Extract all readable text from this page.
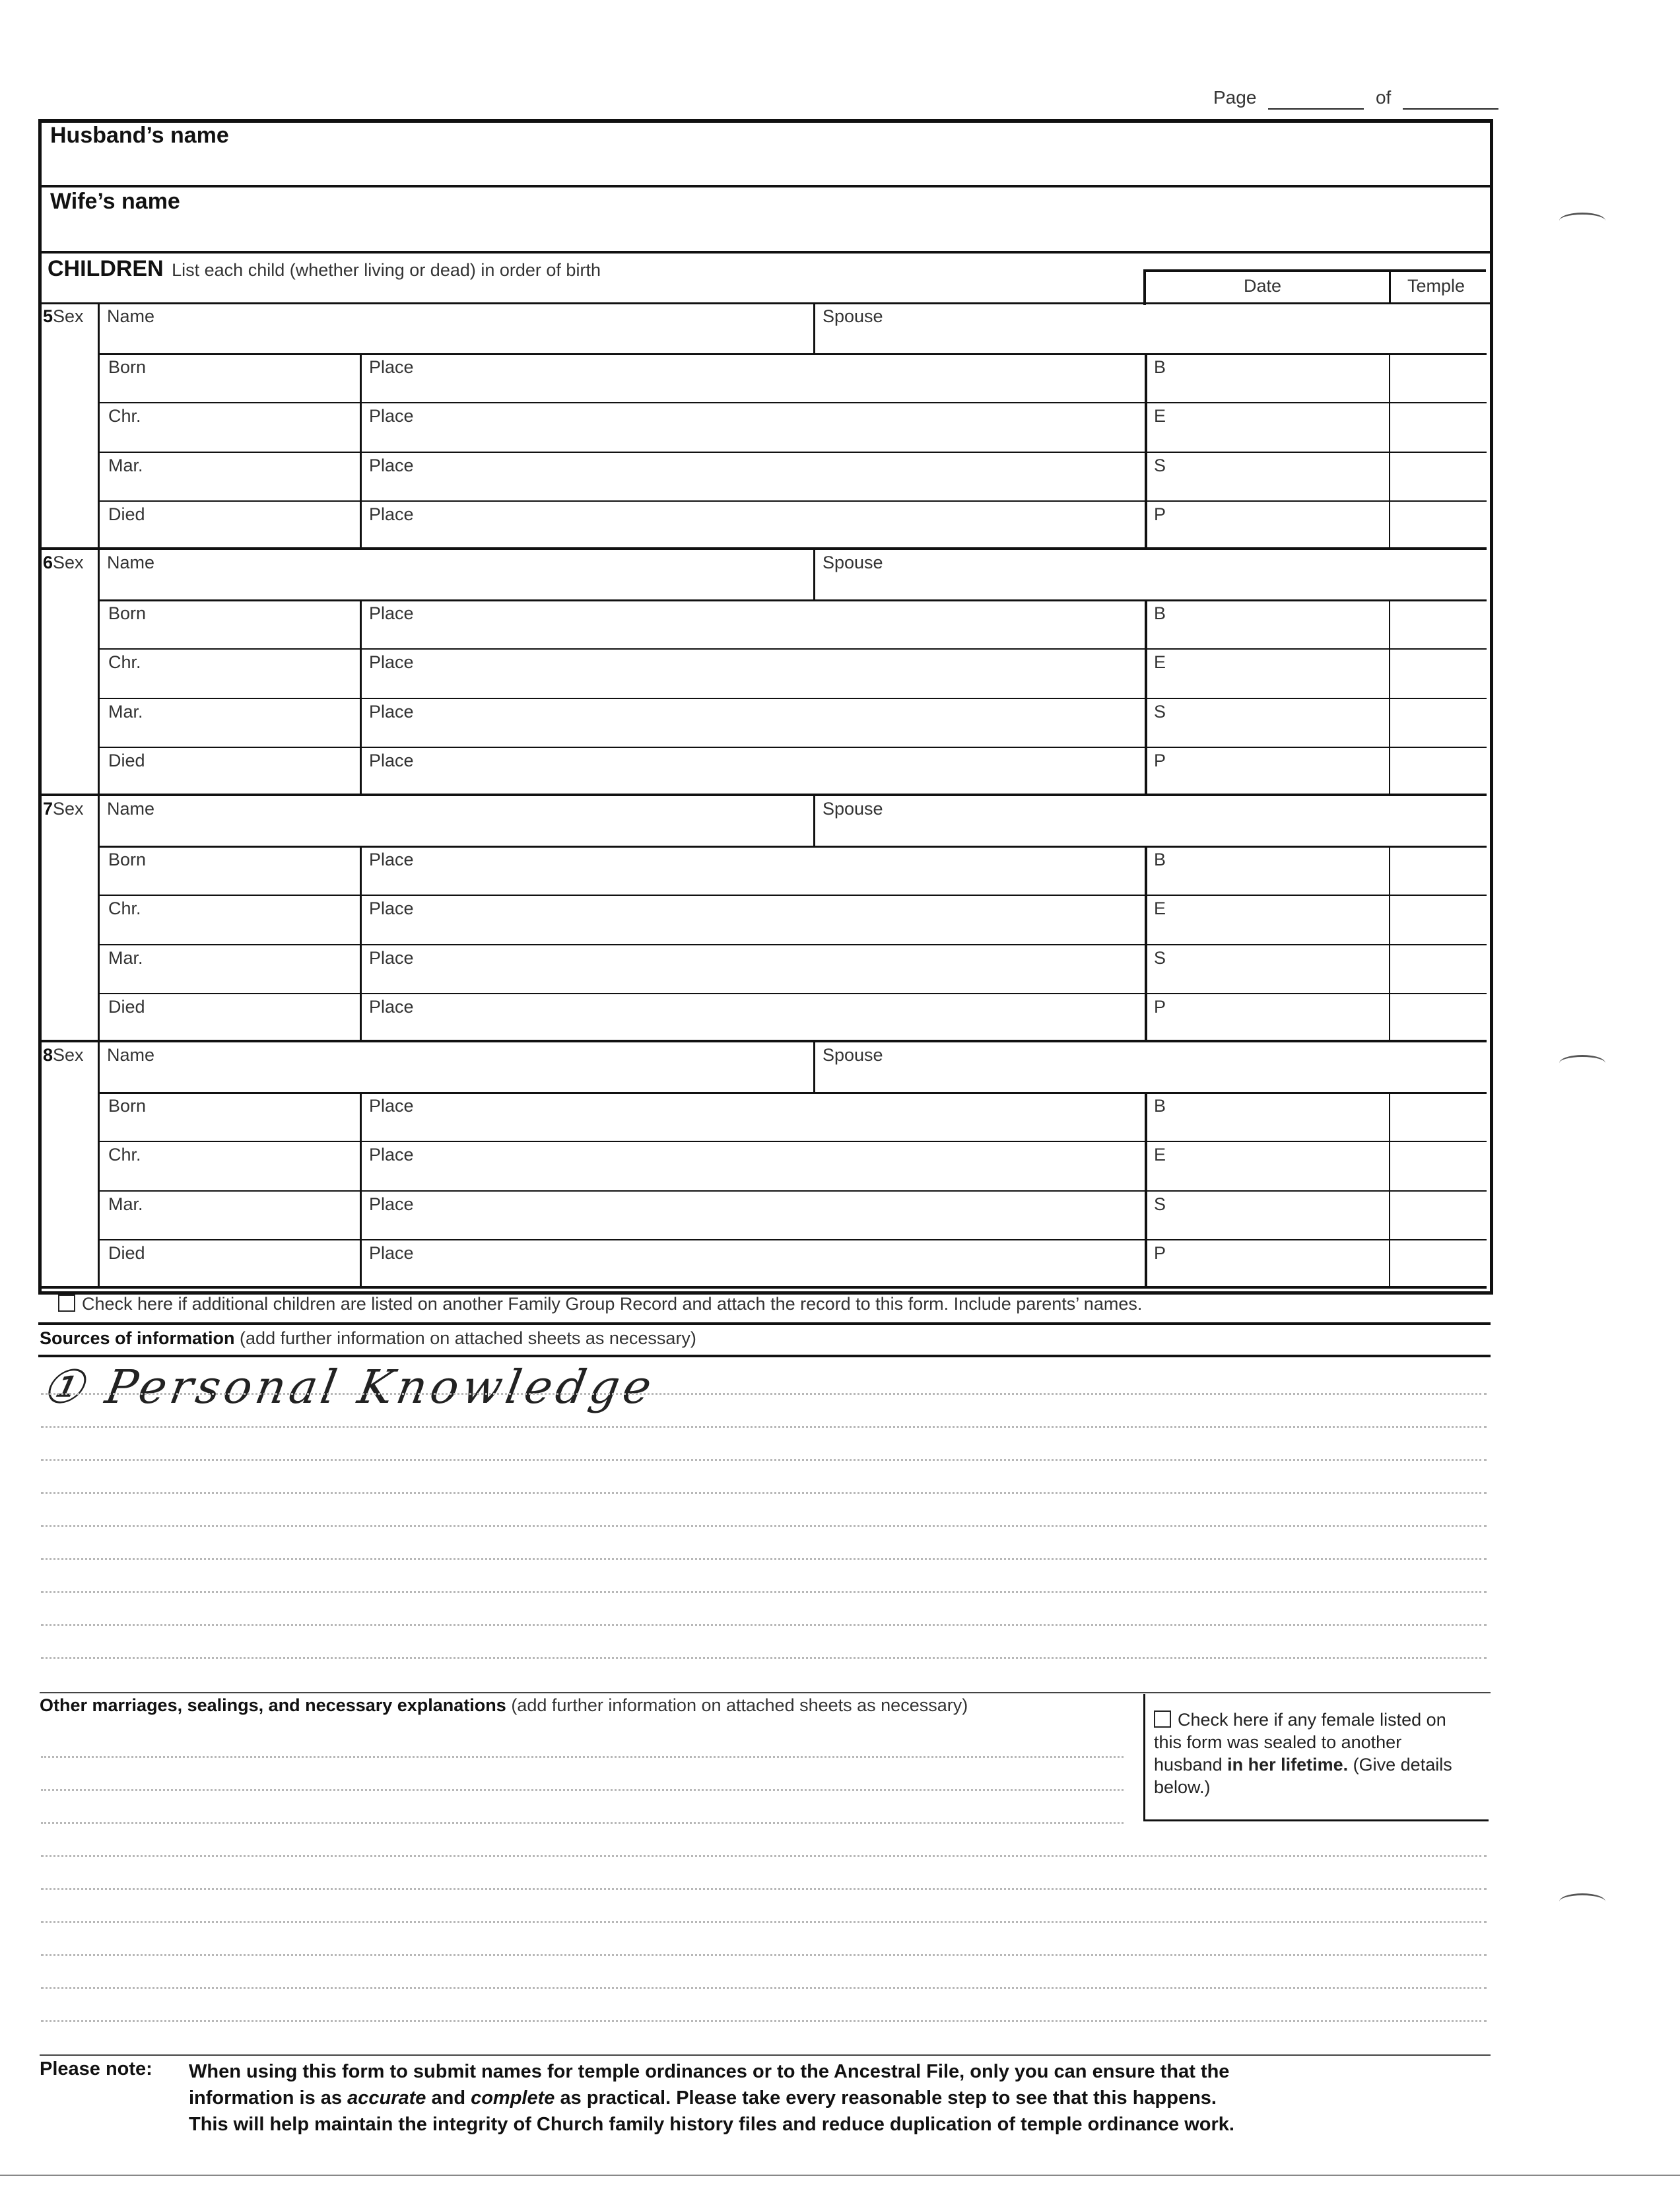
Page	of
Husband’s name
Wife’s name
CHILDREN List each child (whether living or dead) in order of birth
Date	Temple
5Sex Name	Spouse
Born	Place	B
Chr.	Place	E
Mar.	Place	S
Died	Place	P
6Sex Name	Spouse
Born	Place	B
Chr.	Place	E
Mar.	Place	S
Died	Place	P
7Sex Name	Spouse
Born	Place	B
Chr.	Place	E
Mar.	Place	S
Died	Place	P
8Sex Name	Spouse
Born	Place	B
Chr.	Place	E
Mar.	Place	S
Died	Place	P
Check here if additional children are listed on another Family Group Record and attach the record to this form. Include parents’ names.
Sources of information (add further information on attached sheets as necessary)
① Personal Knowledge
Other marriages, sealings, and necessary explanations (add further information on attached sheets as necessary)
Check here if any female listed on this form was sealed to another husband in her lifetime. (Give details below.)
Please note: When using this form to submit names for temple ordinances or to the Ancestral File, only you can ensure that the
information is as accurate and complete as practical. Please take every reasonable step to see that this happens.
This will help maintain the integrity of Church family history files and reduce duplication of temple ordinance work.
